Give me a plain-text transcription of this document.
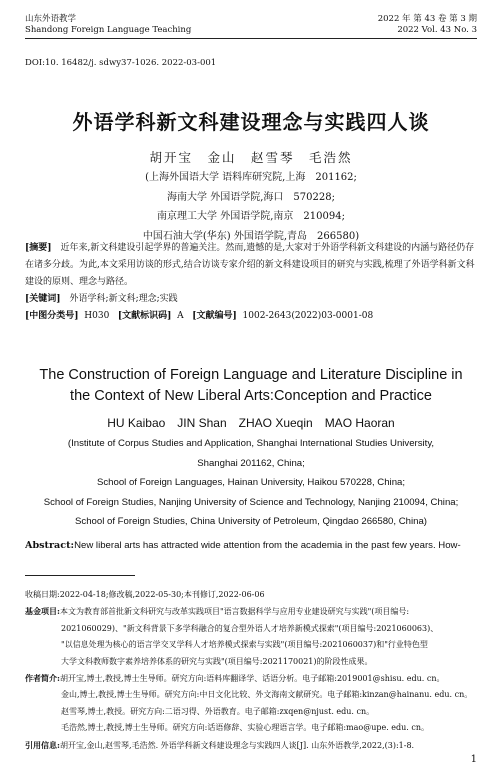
山东外语教学
Shandong Foreign Language Teaching
2022 年 第 43 卷 第 3 期
2022 Vol. 43 No. 3
DOI:10. 16482/j. sdwy37-1026. 2022-03-001
外语学科新文科建设理念与实践四人谈
胡开宝　金山　赵雪琴　毛浩然
(上海外国语大学 语料库研究院,上海　201162;
海南大学 外国语学院,海口　570228;
南京理工大学 外国语学院,南京　210094;
中国石油大学(华东) 外国语学院,青岛　266580)
[摘要]　近年来,新文科建设引起学界的普遍关注。然而,遗憾的是,大家对于外语学科新文科建设的内涵与路径仍存在诸多分歧。为此,本文采用访谈的形式,结合访谈专家介绍的新文科建设项目的研究与实践,梳理了外语学科新文科建设的原则、理念与路径。
[关键词]　外语学科;新文科;理念;实践
[中图分类号] H030 [文献标识码] A [文献编号] 1002-2643(2022)03-0001-08
The Construction of Foreign Language and Literature Discipline in the Context of New Liberal Arts:Conception and Practice
HU Kaibao　JIN Shan　ZHAO Xueqin　MAO Haoran
(Institute of Corpus Studies and Application, Shanghai International Studies University,
Shanghai 201162, China;
School of Foreign Languages, Hainan University, Haikou 570228, China;
School of Foreign Studies, Nanjing University of Science and Technology, Nanjing 210094, China;
School of Foreign Studies, China University of Petroleum, Qingdao 266580, China)
Abstract:New liberal arts has attracted wide attention from the academia in the past few years. How-
收稿日期:2022-04-18;修改稿,2022-05-30;本刊修订,2022-06-06
基金项目:本文为教育部首批新文科研究与改革实践项目"语言数据科学与应用专业建设研究与实践"(项目编号:
2021060029)、"新文科背景下多学科融合的复合型外语人才培养新模式探索"(项目编号:2021060063)、
"以信息处理为核心的语言学交叉学科人才培养模式探索与实践"(项目编号:2021060037)和"行业特色型
大学文科教师数字素养培养体系的研究与实践"(项目编号:2021170021)的阶段性成果。
作者简介:胡开宝,博士,教授,博士生导师。研究方向:语料库翻译学、话语分析。电子邮箱:2019001@shisu. edu. cn。
金山,博士,教授,博士生导师。研究方向:中日文化比较、外文海南文献研究。电子邮箱:kinzan@hainanu. edu. cn。
赵雪琴,博士,教授。研究方向:二语习得、外语教育。电子邮箱:zxqen@njust. edu. cn。
毛浩然,博士,教授,博士生导师。研究方向:话语修辞、实验心理语言学。电子邮箱:mao@upe. edu. cn。
引用信息:胡开宝,金山,赵雪琴,毛浩然. 外语学科新文科建设理念与实践四人谈[J]. 山东外语教学,2022,(3):1-8.
1
